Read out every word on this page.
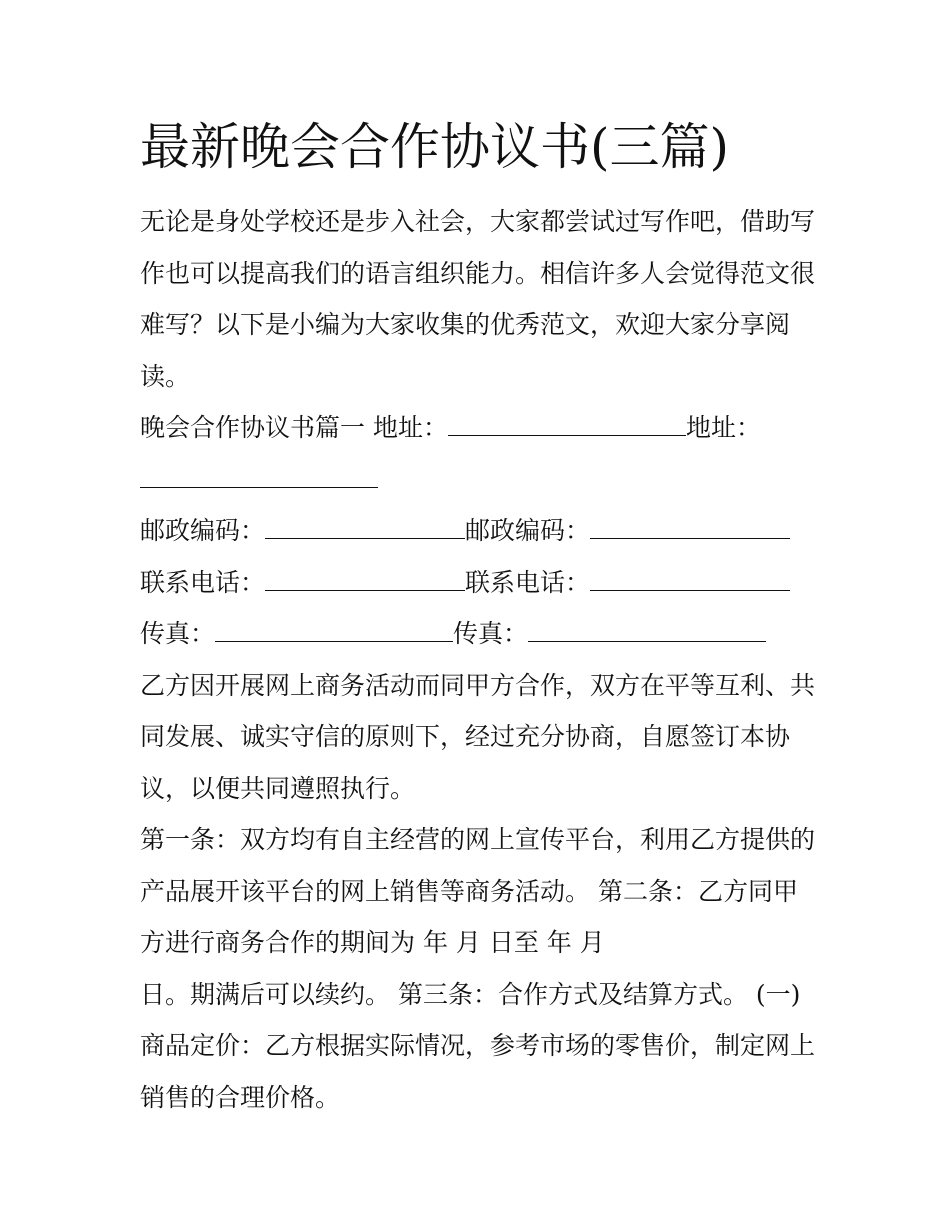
最新晚会合作协议书(三篇)
无论是身处学校还是步入社会，大家都尝试过写作吧，借助写
作也可以提高我们的语言组织能力。相信许多人会觉得范文很
难写？以下是小编为大家收集的优秀范文，欢迎大家分享阅
读。
晚会合作协议书篇一 地址：	地址：
邮政编码：	邮政编码：
联系电话：	联系电话：
传真：	传真：
乙方因开展网上商务活动而同甲方合作，双方在平等互利、共
同发展、诚实守信的原则下，经过充分协商，自愿签订本协
议，以便共同遵照执行。
第一条：双方均有自主经营的网上宣传平台，利用乙方提供的
产品展开该平台的网上销售等商务活动。 第二条：乙方同甲
方进行商务合作的期间为 年 月 日至 年 月
日。期满后可以续约。 第三条：合作方式及结算方式。 (一)
商品定价：乙方根据实际情况，参考市场的零售价，制定网上
销售的合理价格。
